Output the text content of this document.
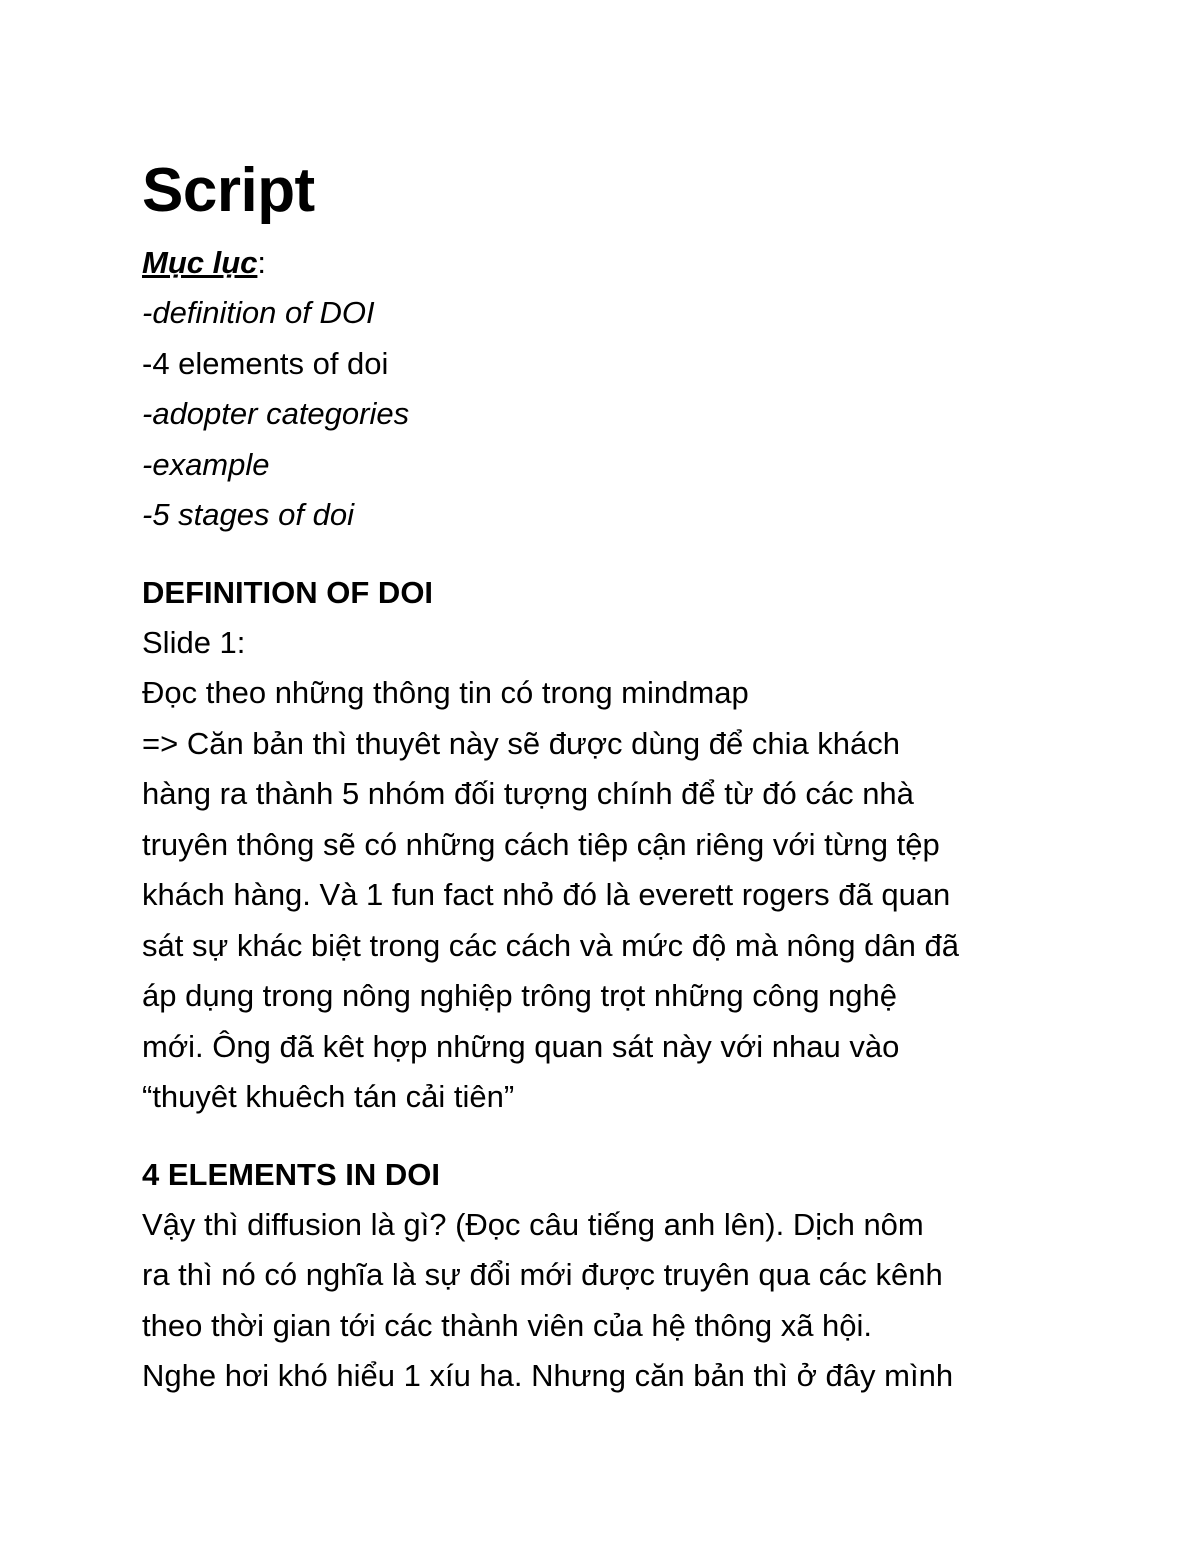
Script
Mục lục:
-definition of DOI
-4 elements of doi
-adopter categories
-example
-5 stages of doi
DEFINITION OF DOI

Slide 1:
Đọc theo những thông tin có trong mindmap
=> Căn bản thì thuyêt này sẽ được dùng để chia khách
hàng ra thành 5 nhóm đối tượng chính để từ đó các nhà
truyên thông sẽ có những cách tiêp cận riêng với từng tệp
khách hàng. Và 1 fun fact nhỏ đó là everett rogers đã quan
sát sự khác biệt trong các cách và mức độ mà nông dân đã
áp dụng trong nông nghiệp trông trọt những công nghệ
mới. Ông đã kêt hợp những quan sát này với nhau vào
“thuyêt khuêch tán cải tiên”

4 ELEMENTS IN DOI

Vậy thì diffusion là gì? (Đọc câu tiếng anh lên). Dịch nôm
ra thì nó có nghĩa là sự đổi mới được truyên qua các kênh
theo thời gian tới các thành viên của hệ thông xã hội.
Nghe hơi khó hiểu 1 xíu ha. Nhưng căn bản thì ở đây mình
